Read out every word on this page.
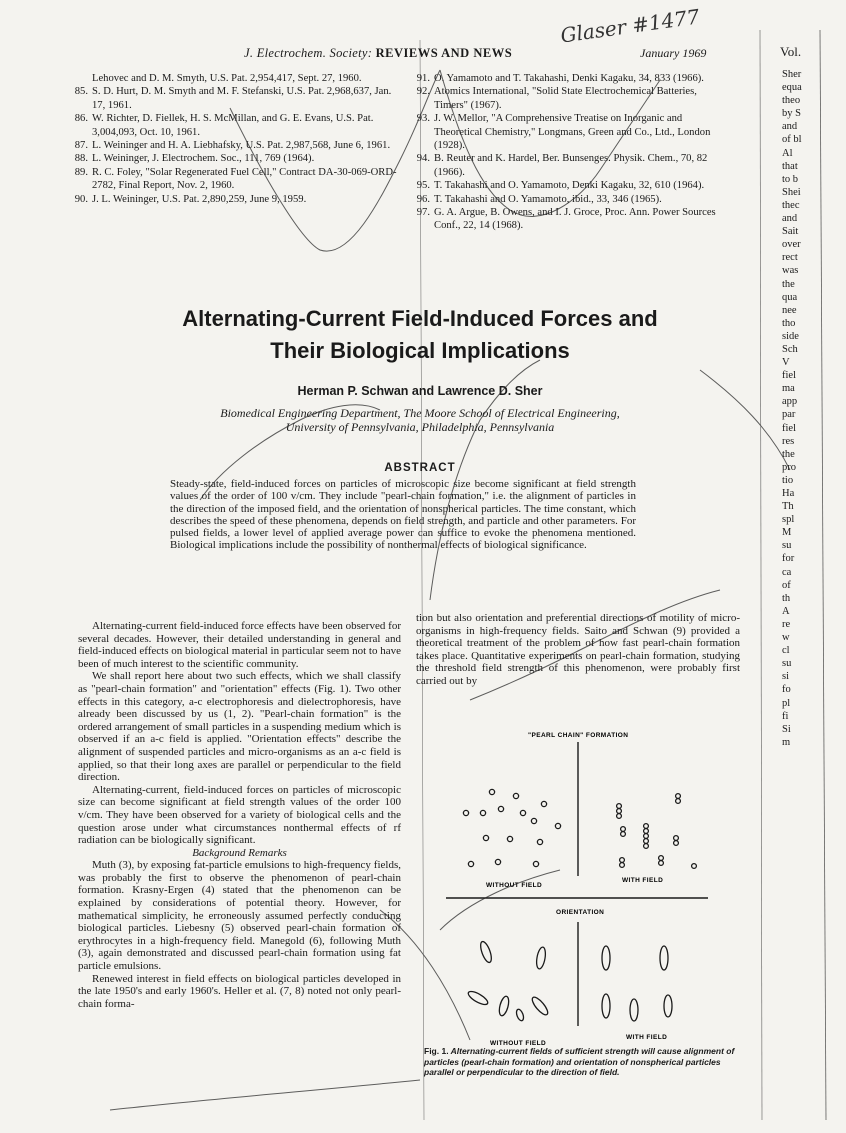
J. Electrochem. Society: REVIEWS AND NEWS	January 1969	Vol.
Glaser #1477
Lehovec and D. M. Smyth, U.S. Pat. 2,954,417, Sept. 27, 1960.
85. S. D. Hurt, D. M. Smyth and M. F. Stefanski, U.S. Pat. 2,968,637, Jan. 17, 1961.
86. W. Richter, D. Fiellek, H. S. McMillan, and G. E. Evans, U.S. Pat. 3,004,093, Oct. 10, 1961.
87. L. Weininger and H. A. Liebhafsky, U.S. Pat. 2,987,568, June 6, 1961.
88. L. Weininger, J. Electrochem. Soc., 111, 769 (1964).
89. R. C. Foley, "Solar Regenerated Fuel Cell," Contract DA-30-069-ORD-2782, Final Report, Nov. 2, 1960.
90. J. L. Weininger, U.S. Pat. 2,890,259, June 9, 1959.
91. O. Yamamoto and T. Takahashi, Denki Kagaku, 34, 833 (1966).
92. Atomics International, "Solid State Electrochemical Batteries, Timers" (1967).
93. J. W. Mellor, "A Comprehensive Treatise on Inorganic and Theoretical Chemistry," Longmans, Green and Co., Ltd., London (1928).
94. B. Reuter and K. Hardel, Ber. Bunsenges. Physik. Chem., 70, 82 (1966).
95. T. Takahashi and O. Yamamoto, Denki Kagaku, 32, 610 (1964).
96. T. Takahashi and O. Yamamoto, ibid., 33, 346 (1965).
97. G. A. Argue, B. Owens, and I. J. Groce, Proc. Ann. Power Sources Conf., 22, 14 (1968).
Sher
equa
theo
by S
and
of bl
Al
that
to b
Shei
thec
and
Sait
over
rect
was
the
qua
nee
tho
side
Sch
V
fiel
ma
app
par
fiel
res
the
pro
tio
Ha
Th
spl
M
su
for
ca
of
th
A
re
w
cl
su
si
fo
pl
fi
Si
m
Alternating-Current Field-Induced Forces and
Their Biological Implications
Herman P. Schwan and Lawrence D. Sher
Biomedical Engineering Department, The Moore School of Electrical Engineering,
University of Pennsylvania, Philadelphia, Pennsylvania
ABSTRACT
Steady-state, field-induced forces on particles of microscopic size become significant at field strength values of the order of 100 v/cm. They include "pearl-chain formation," i.e. the alignment of particles in the direction of the imposed field, and the orientation of nonspherical particles. The time constant, which describes the speed of these phenomena, depends on field strength, and particle and other parameters. For pulsed fields, a lower level of applied average power can suffice to evoke the phenomena mentioned. Biological implications include the possibility of nonthermal effects of biological significance.

Alternating-current field-induced force effects have been observed for several decades. However, their detailed understanding in general and field-induced effects on biological material in particular seem not to have been of much interest to the scientific community.

We shall report here about two such effects, which we shall classify as "pearl-chain formation" and "orientation" effects (Fig. 1). Two other effects in this category, a-c electrophoresis and dielectrophoresis, have already been discussed by us (1, 2). "Pearl-chain formation" is the ordered arrangement of small particles in a suspending medium which is observed if an a-c field is applied. "Orientation effects" describe the alignment of suspended particles and micro-organisms as an a-c field is applied, so that their long axes are parallel or perpendicular to the field direction.

Alternating-current, field-induced forces on particles of microscopic size can become significant at field strength values of the order 100 v/cm. They have been observed for a variety of biological cells and the question arose under what circumstances nonthermal effects of rf radiation can be biologically significant.

Background Remarks

Muth (3), by exposing fat-particle emulsions to high-frequency fields, was probably the first to observe the phenomenon of pearl-chain formation. Krasny-Ergen (4) stated that the phenomenon can be explained by considerations of potential theory. However, for mathematical simplicity, he erroneously assumed perfectly conducting biological particles. Liebesny (5) observed pearl-chain formation of erythrocytes in a high-frequency field. Manegold (6), following Muth (3), again demonstrated and discussed pearl-chain formation using fat particle emulsions.

Renewed interest in field effects on biological particles developed in the late 1950's and early 1960's. Heller et al. (7, 8) noted not only pearl-chain forma-

tion but also orientation and preferential directions of motility of micro-organisms in high-frequency fields. Saito and Schwan (9) provided a theoretical treatment of the problem of how fast pearl-chain formation takes place. Quantitative experiments on pearl-chain formation, studying the threshold field strength of this phenomenon, were probably first carried out by

"PEARL CHAIN" FORMATION
WITHOUT FIELD
WITH FIELD
ORIENTATION
WITHOUT FIELD
WITH FIELD
Fig. 1. Alternating-current fields of sufficient strength will cause alignment of particles (pearl-chain formation) and orientation of nonspherical particles parallel or perpendicular to the direction of field.
